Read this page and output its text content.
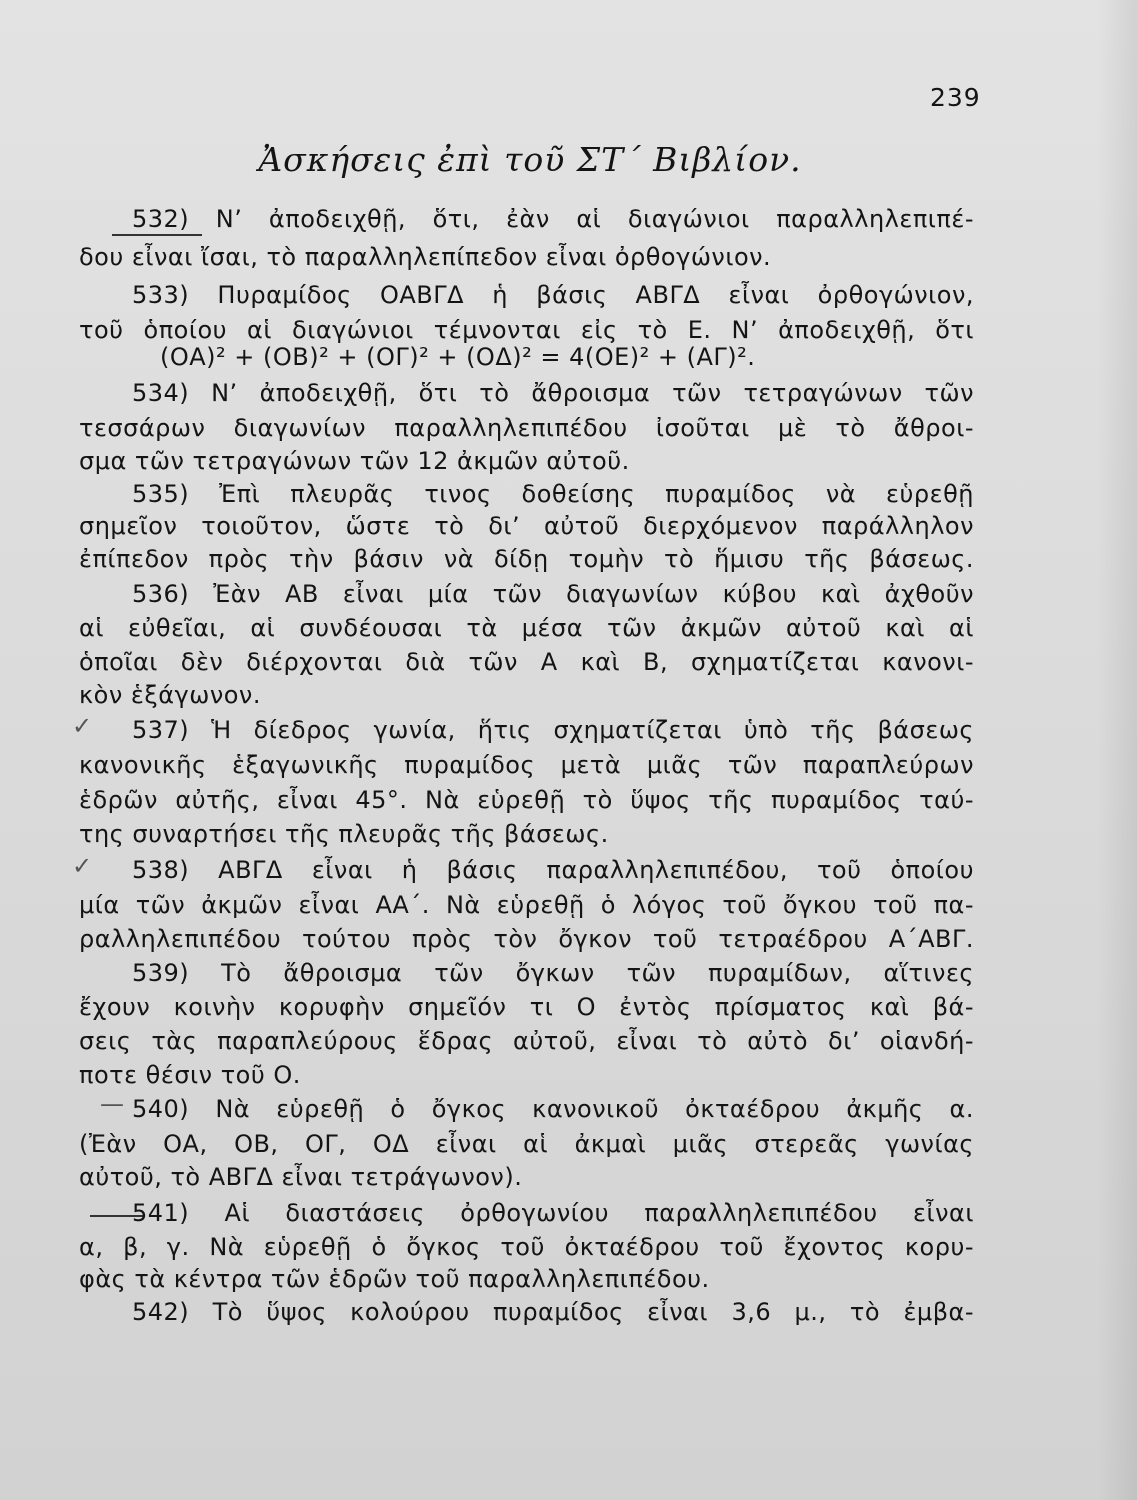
239
Ἀσκήσεις ἐπὶ τοῦ ΣΤ΄ Βιβλίον.
532) Ν’ ἀποδειχθῇ, ὅτι, ἐὰν αἱ διαγώνιοι παραλληλεπιπέ-
δου εἶναι ἴσαι, τὸ παραλληλεπίπεδον εἶναι ὀρθογώνιον.
533) Πυραμίδος ΟΑΒΓΔ ἡ βάσις ΑΒΓΔ εἶναι ὀρθογώνιον,
τοῦ ὁποίου αἱ διαγώνιοι τέμνονται εἰς τὸ Ε. Ν’ ἀποδειχθῇ, ὅτι
(ΟΑ)² + (ΟΒ)² + (ΟΓ)² + (ΟΔ)² = 4(ΟΕ)² + (ΑΓ)².
534) Ν’ ἀποδειχθῇ, ὅτι τὸ ἄθροισμα τῶν τετραγώνων τῶν
τεσσάρων διαγωνίων παραλληλεπιπέδου ἰσοῦται μὲ τὸ ἄθροι-
σμα τῶν τετραγώνων τῶν 12 ἀκμῶν αὐτοῦ.
535) Ἐπὶ πλευρᾶς τινος δοθείσης πυραμίδος νὰ εὑρεθῇ
σημεῖον τοιοῦτον, ὥστε τὸ δι’ αὐτοῦ διερχόμενον παράλληλον
ἐπίπεδον πρὸς τὴν βάσιν νὰ δίδῃ τομὴν τὸ ἥμισυ τῆς βάσεως.
536) Ἐὰν ΑΒ εἶναι μία τῶν διαγωνίων κύβου καὶ ἀχθοῦν
αἱ εὐθεῖαι, αἱ συνδέουσαι τὰ μέσα τῶν ἀκμῶν αὐτοῦ καὶ αἱ
ὁποῖαι δὲν διέρχονται διὰ τῶν Α καὶ Β, σχηματίζεται κανονι-
κὸν ἑξάγωνον.
✓ 537) Ἡ δίεδρος γωνία, ἥτις σχηματίζεται ὑπὸ τῆς βάσεως
κανονικῆς ἑξαγωνικῆς πυραμίδος μετὰ μιᾶς τῶν παραπλεύρων
ἑδρῶν αὐτῆς, εἶναι 45°. Νὰ εὑρεθῇ τὸ ὕψος τῆς πυραμίδος ταύ-
της συναρτήσει τῆς πλευρᾶς τῆς βάσεως.
✓ 538) ΑΒΓΔ εἶναι ἡ βάσις παραλληλεπιπέδου, τοῦ ὁποίου
μία τῶν ἀκμῶν εἶναι ΑΑ΄. Νὰ εὑρεθῇ ὁ λόγος τοῦ ὄγκου τοῦ πα-
ραλληλεπιπέδου τούτου πρὸς τὸν ὄγκον τοῦ τετραέδρου Α΄ΑΒΓ.
539) Τὸ ἄθροισμα τῶν ὄγκων τῶν πυραμίδων, αἵτινες
ἔχουν κοινὴν κορυφὴν σημεῖόν τι Ο ἐντὸς πρίσματος καὶ βά-
σεις τὰς παραπλεύρους ἕδρας αὐτοῦ, εἶναι τὸ αὐτὸ δι’ οἱανδή-
ποτε θέσιν τοῦ Ο.
— 540) Νὰ εὑρεθῇ ὁ ὄγκος κανονικοῦ ὀκταέδρου ἀκμῆς α.
(Ἐὰν ΟΑ, ΟΒ, ΟΓ, ΟΔ εἶναι αἱ ἀκμαὶ μιᾶς στερεᾶς γωνίας
αὐτοῦ, τὸ ΑΒΓΔ εἶναι τετράγωνον).
541) Αἱ διαστάσεις ὀρθογωνίου παραλληλεπιπέδου εἶναι
α, β, γ. Νὰ εὑρεθῇ ὁ ὄγκος τοῦ ὀκταέδρου τοῦ ἔχοντος κορυ-
φὰς τὰ κέντρα τῶν ἑδρῶν τοῦ παραλληλεπιπέδου.
542) Τὸ ὕψος κολούρου πυραμίδος εἶναι 3,6 μ., τὸ ἐμβα-
